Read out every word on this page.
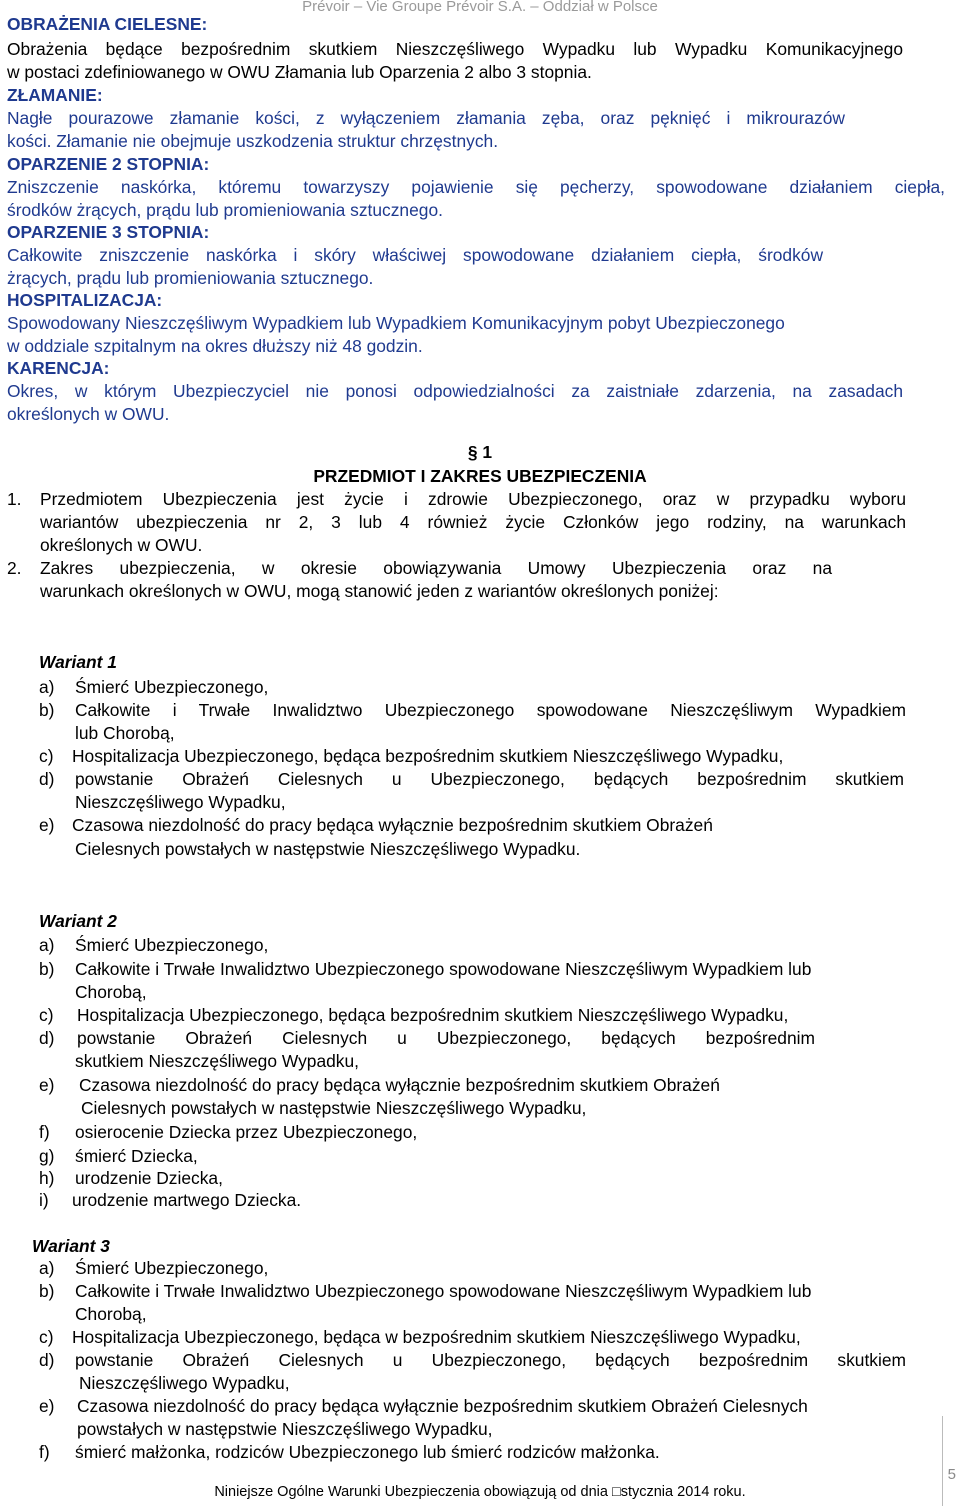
Prévoir – Vie Groupe Prévoir S.A. – Oddział w Polsce
OBRAŻENIA CIELESNE:
Obrażenia będące bezpośrednim skutkiem Nieszczęśliwego Wypadku lub Wypadku Komunikacyjnego
w postaci zdefiniowanego w OWU Złamania lub Oparzenia 2 albo 3 stopnia.
ZŁAMANIE:
Nagłe pourazowe złamanie kości, z wyłączeniem złamania zęba, oraz pęknięć i mikrourazów
kości. Złamanie nie obejmuje uszkodzenia struktur chrzęstnych.
OPARZENIE 2 STOPNIA:
Zniszczenie naskórka, któremu towarzyszy pojawienie się pęcherzy, spowodowane działaniem ciepła,
środków żrących, prądu lub promieniowania sztucznego.
OPARZENIE 3 STOPNIA:
Całkowite zniszczenie naskórka i skóry właściwej spowodowane działaniem ciepła, środków
żrących, prądu lub promieniowania sztucznego.
HOSPITALIZACJA:
Spowodowany Nieszczęśliwym Wypadkiem lub Wypadkiem Komunikacyjnym pobyt Ubezpieczonego
w oddziale szpitalnym na okres dłuższy niż 48 godzin.
KARENCJA:
Okres, w którym Ubezpieczyciel nie ponosi odpowiedzialności za zaistniałe zdarzenia, na zasadach
określonych w OWU.
§ 1
PRZEDMIOT I ZAKRES UBEZPIECZENIA
1. Przedmiotem Ubezpieczenia jest życie i zdrowie Ubezpieczonego, oraz w przypadku wyboru
wariantów ubezpieczenia nr 2, 3 lub 4 również życie Członków jego rodziny, na warunkach
określonych w OWU.
2. Zakres ubezpieczenia, w okresie obowiązywania Umowy Ubezpieczenia oraz na
warunkach określonych w OWU, mogą stanowić jeden z wariantów określonych poniżej:
Wariant 1
a) Śmierć Ubezpieczonego,
b) Całkowite i Trwałe Inwalidztwo Ubezpieczonego spowodowane Nieszczęśliwym Wypadkiem
lub Chorobą,
c) Hospitalizacja Ubezpieczonego, będąca bezpośrednim skutkiem Nieszczęśliwego Wypadku,
d) powstanie Obrażeń Cielesnych u Ubezpieczonego, będących bezpośrednim skutkiem
Nieszczęśliwego Wypadku,
e) Czasowa niezdolność do pracy będąca wyłącznie bezpośrednim skutkiem Obrażeń
Cielesnych powstałych w następstwie Nieszczęśliwego Wypadku.
Wariant 2
a) Śmierć Ubezpieczonego,
b) Całkowite i Trwałe Inwalidztwo Ubezpieczonego spowodowane Nieszczęśliwym Wypadkiem lub
Chorobą,
c) Hospitalizacja Ubezpieczonego, będąca bezpośrednim skutkiem Nieszczęśliwego Wypadku,
d) powstanie Obrażeń Cielesnych u Ubezpieczonego, będących bezpośrednim
skutkiem Nieszczęśliwego Wypadku,
e) Czasowa niezdolność do pracy będąca wyłącznie bezpośrednim skutkiem Obrażeń
Cielesnych powstałych w następstwie Nieszczęśliwego Wypadku,
f) osierocenie Dziecka przez Ubezpieczonego,
g) śmierć Dziecka,
h) urodzenie Dziecka,
i) urodzenie martwego Dziecka.
Wariant 3
a) Śmierć Ubezpieczonego,
b) Całkowite i Trwałe Inwalidztwo Ubezpieczonego spowodowane Nieszczęśliwym Wypadkiem lub
Chorobą,
c) Hospitalizacja Ubezpieczonego, będąca w bezpośrednim skutkiem Nieszczęśliwego Wypadku,
d) powstanie Obrażeń Cielesnych u Ubezpieczonego, będących bezpośrednim skutkiem
Nieszczęśliwego Wypadku,
e) Czasowa niezdolność do pracy będąca wyłącznie bezpośrednim skutkiem Obrażeń Cielesnych
powstałych w następstwie Nieszczęśliwego Wypadku,
f) śmierć małżonka, rodziców Ubezpieczonego lub śmierć rodziców małżonka.
5
Niniejsze Ogólne Warunki Ubezpieczenia obowiązują od dnia □stycznia 2014 roku.
